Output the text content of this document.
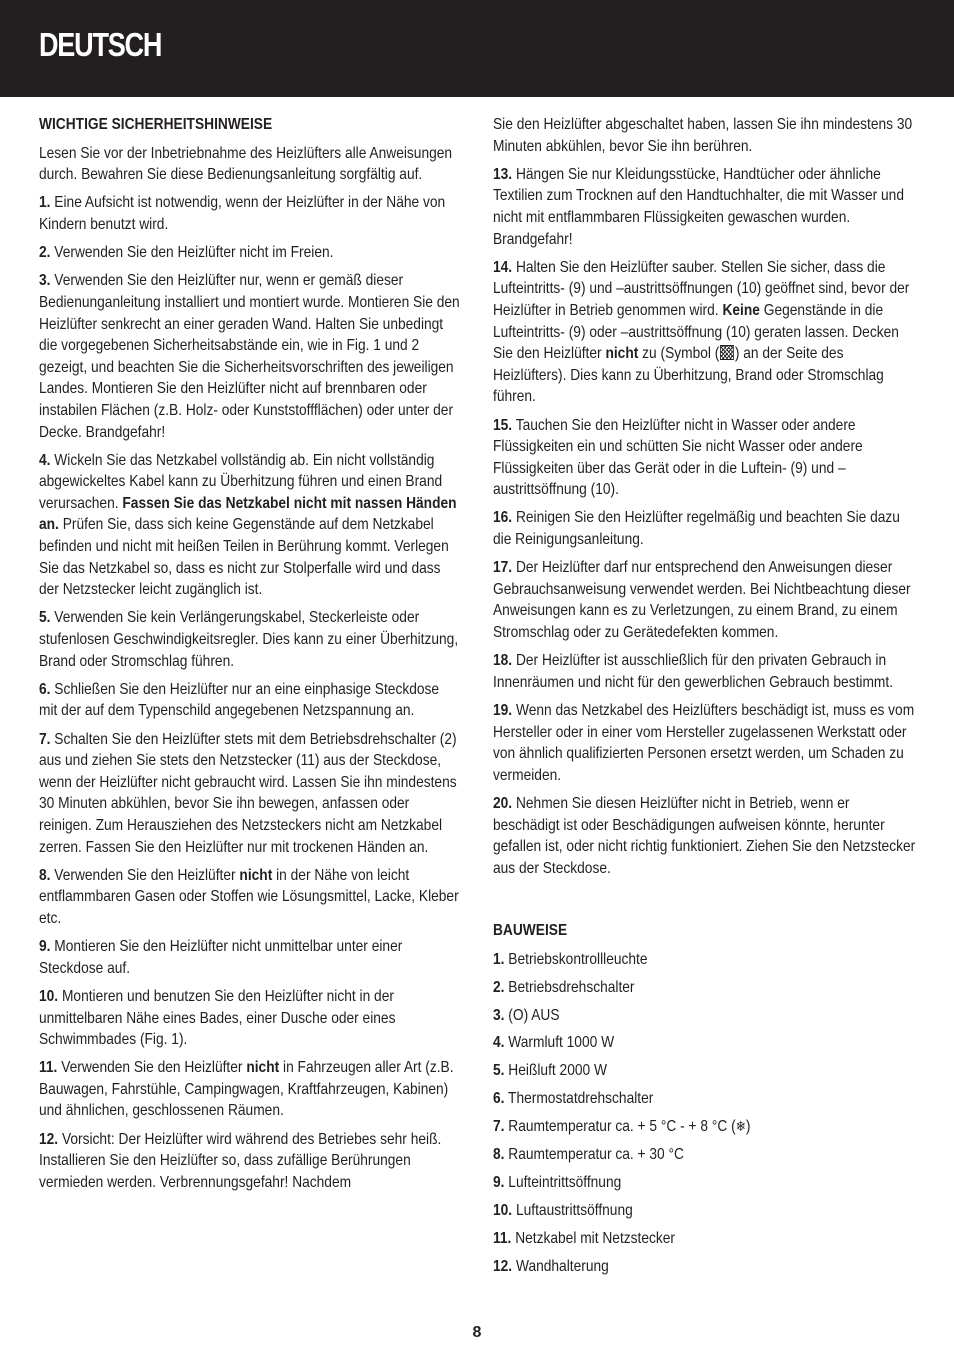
DEUTSCH
WICHTIGE SICHERHEITSHINWEISE
Lesen Sie vor der Inbetriebnahme des Heizlüfters alle Anweisungen durch. Bewahren Sie diese Bedienungsanleitung sorgfältig auf.
1. Eine Aufsicht ist notwendig, wenn der Heizlüfter in der Nähe von Kindern benutzt wird.
2. Verwenden Sie den Heizlüfter nicht im Freien.
3. Verwenden Sie den Heizlüfter nur, wenn er gemäß dieser Bedienunganleitung installiert und montiert wurde. Montieren Sie den Heizlüfter senkrecht an einer geraden Wand. Halten Sie unbedingt die vorgegebenen Sicherheitsabstände ein, wie in Fig. 1 und 2 gezeigt, und beachten Sie die Sicherheitsvorschriften des jeweiligen Landes. Montieren Sie den Heizlüfter nicht auf brennbaren oder instabilen Flächen (z.B. Holz- oder Kunststoffflächen) oder unter der Decke. Brandgefahr!
4. Wickeln Sie das Netzkabel vollständig ab. Ein nicht vollständig abgewickeltes Kabel kann zu Überhitzung führen und einen Brand verursachen. Fassen Sie das Netzkabel nicht mit nassen Händen an. Prüfen Sie, dass sich keine Gegenstände auf dem Netzkabel befinden und nicht mit heißen Teilen in Berührung kommt. Verlegen Sie das Netzkabel so, dass es nicht zur Stolperfalle wird und dass der Netzstecker leicht zugänglich ist.
5. Verwenden Sie kein Verlängerungskabel, Steckerleiste oder stufenlosen Geschwindigkeitsregler. Dies kann zu einer Überhitzung, Brand oder Stromschlag führen.
6. Schließen Sie den Heizlüfter nur an eine einphasige Steckdose mit der auf dem Typenschild angegebenen Netzspannung an.
7. Schalten Sie den Heizlüfter stets mit dem Betriebsdrehschalter (2) aus und ziehen Sie stets den Netzstecker (11) aus der Steckdose, wenn der Heizlüfter nicht gebraucht wird. Lassen Sie ihn mindestens 30 Minuten abkühlen, bevor Sie ihn bewegen, anfassen oder reinigen. Zum Herausziehen des Netzsteckers nicht am Netzkabel zerren. Fassen Sie den Heizlüfter nur mit trockenen Händen an.
8. Verwenden Sie den Heizlüfter nicht in der Nähe von leicht entflammbaren Gasen oder Stoffen wie Lösungsmittel, Lacke, Kleber etc.
9. Montieren Sie den Heizlüfter nicht unmittelbar unter einer Steckdose auf.
10. Montieren und benutzen Sie den Heizlüfter nicht in der unmittelbaren Nähe eines Bades, einer Dusche oder eines Schwimmbades (Fig. 1).
11. Verwenden Sie den Heizlüfter nicht in Fahrzeugen aller Art (z.B. Bauwagen, Fahrstühle, Campingwagen, Kraftfahrzeugen, Kabinen) und ähnlichen, geschlossenen Räumen.
12. Vorsicht: Der Heizlüfter wird während des Betriebes sehr heiß. Installieren Sie den Heizlüfter so, dass zufällige Berührungen vermieden werden. Verbrennungsgefahr! Nachdem
Sie den Heizlüfter abgeschaltet haben, lassen Sie ihn mindestens 30 Minuten abkühlen, bevor Sie ihn berühren.
13. Hängen Sie nur Kleidungsstücke, Handtücher oder ähnliche Textilien zum Trocknen auf den Handtuchhalter, die mit Wasser und nicht mit entflammbaren Flüssigkeiten gewaschen wurden. Brandgefahr!
14. Halten Sie den Heizlüfter sauber. Stellen Sie sicher, dass die Lufteintritts- (9) und –austrittsöffnungen (10) geöffnet sind, bevor der Heizlüfter in Betrieb genommen wird. Keine Gegenstände in die Lufteintritts- (9) oder –austrittsöffnung (10) geraten lassen. Decken Sie den Heizlüfter nicht zu (Symbol ( ) an der Seite des Heizlüfters). Dies kann zu Überhitzung, Brand oder Stromschlag führen.
15. Tauchen Sie den Heizlüfter nicht in Wasser oder andere Flüssigkeiten ein und schütten Sie nicht Wasser oder andere Flüssigkeiten über das Gerät oder in die Luftein- (9) und –austrittsöffnung (10).
16. Reinigen Sie den Heizlüfter regelmäßig und beachten Sie dazu die Reinigungsanleitung.
17. Der Heizlüfter darf nur entsprechend den Anweisungen dieser Gebrauchsanweisung verwendet werden. Bei Nichtbeachtung dieser Anweisungen kann es zu Verletzungen, zu einem Brand, zu einem Stromschlag oder zu Gerätedefekten kommen.
18. Der Heizlüfter ist ausschließlich für den privaten Gebrauch in Innenräumen und nicht für den gewerblichen Gebrauch bestimmt.
19. Wenn das Netzkabel des Heizlüfters beschädigt ist, muss es vom Hersteller oder in einer vom Hersteller zugelassenen Werkstatt oder von ähnlich qualifizierten Personen ersetzt werden, um Schaden zu vermeiden.
20. Nehmen Sie diesen Heizlüfter nicht in Betrieb, wenn er beschädigt ist oder Beschädigungen aufweisen könnte, herunter gefallen ist, oder nicht richtig funktioniert. Ziehen Sie den Netzstecker aus der Steckdose.
BAUWEISE
1. Betriebskontrollleuchte
2. Betriebsdrehschalter
3. (O) AUS
4. Warmluft 1000 W
5. Heißluft 2000 W
6. Thermostatdrehschalter
7. Raumtemperatur ca. + 5 °C - + 8 °C (❄)
8. Raumtemperatur ca. + 30 °C
9. Lufteintrittsöffnung
10. Luftaustrittsöffnung
11. Netzkabel mit Netzstecker
12. Wandhalterung
8
